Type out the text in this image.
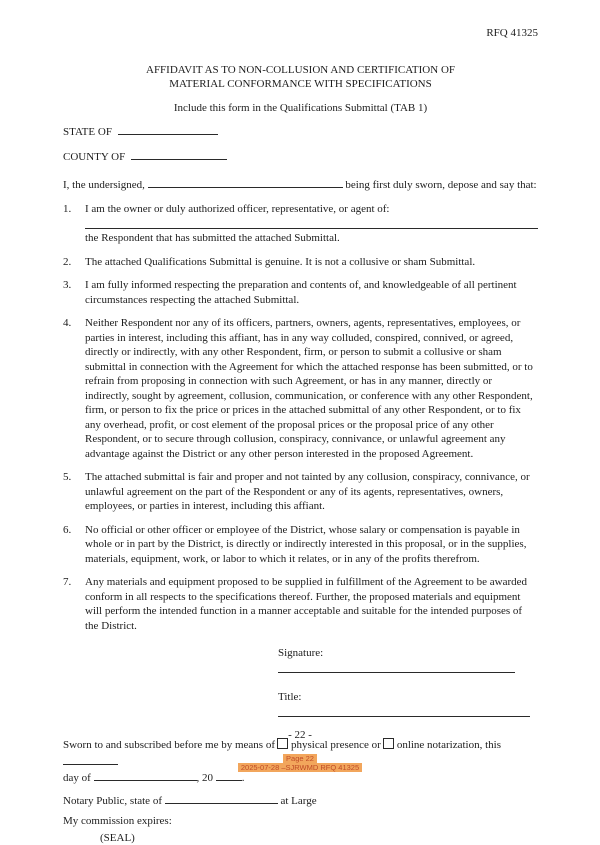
RFQ 41325
AFFIDAVIT AS TO NON-COLLUSION AND CERTIFICATION OF
MATERIAL CONFORMANCE WITH SPECIFICATIONS
Include this form in the Qualifications Submittal (TAB 1)
STATE OF
COUNTY OF
I, the undersigned,	being first duly sworn, depose and say that:
1.	I am the owner or duly authorized officer, representative, or agent of:
the Respondent that has submitted the attached Submittal.
2.	The attached Qualifications Submittal is genuine. It is not a collusive or sham Submittal.
3.	I am fully informed respecting the preparation and contents of, and knowledgeable of all pertinent circumstances respecting the attached Submittal.
4.	Neither Respondent nor any of its officers, partners, owners, agents, representatives, employees, or parties in interest, including this affiant, has in any way colluded, conspired, connived, or agreed, directly or indirectly, with any other Respondent, firm, or person to submit a collusive or sham submittal in connection with the Agreement for which the attached response has been submitted, or to refrain from proposing in connection with such Agreement, or has in any manner, directly or indirectly, sought by agreement, collusion, communication, or conference with any other Respondent, firm, or person to fix the price or prices in the attached submittal of any other Respondent, or to fix any overhead, profit, or cost element of the proposal prices or the proposal price of any other Respondent, or to secure through collusion, conspiracy, connivance, or unlawful agreement any advantage against the District or any other person interested in the proposed Agreement.
5.	The attached submittal is fair and proper and not tainted by any collusion, conspiracy, connivance, or unlawful agreement on the part of the Respondent or any of its agents, representatives, owners, employees, or parties in interest, including this affiant.
6.	No official or other officer or employee of the District, whose salary or compensation is payable in whole or in part by the District, is directly or indirectly interested in this proposal, or in the supplies, materials, equipment, work, or labor to which it relates, or in any of the profits therefrom.
7.	Any materials and equipment proposed to be supplied in fulfillment of the Agreement to be awarded conform in all respects to the specifications thereof. Further, the proposed materials and equipment will perform the intended function in a manner acceptable and suitable for the intended purposes of the District.
Signature:
Title:
Sworn to and subscribed before me by means of physical presence or online notarization, this
day of	, 20	.
Notary Public, state of	at Large
My commission expires:
(SEAL)
- 22 -
Page 22
2025-07-28 –SJRWMD RFQ 41325
